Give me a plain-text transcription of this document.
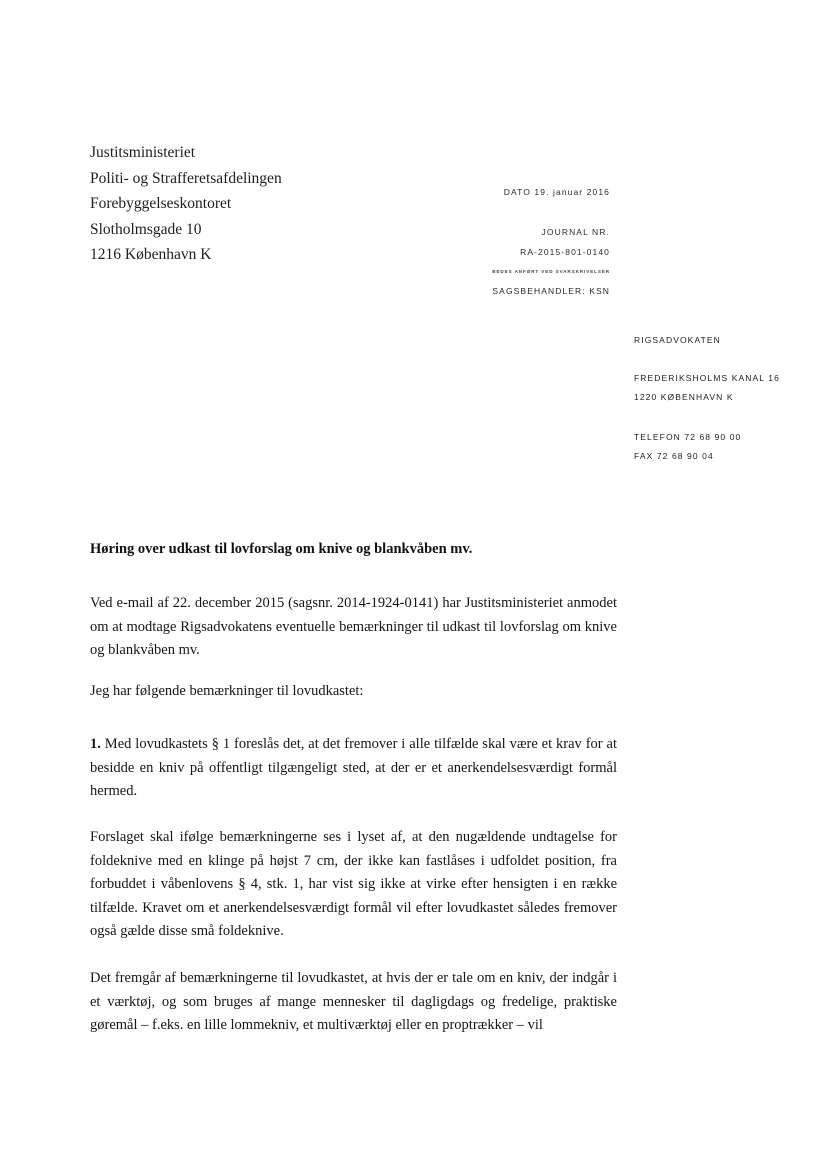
Justitsministeriet
Politi- og Strafferetsafdelingen
Forebyggelseskontoret
Slotholmsgade 10
1216 København K
DATO 19. januar 2016
JOURNAL NR.
RA-2015-801-0140
BEDES ANFØRT VED SVARSKRIVELSER
SAGSBEHANDLER: KSN
RIGSADVOKATEN
FREDERIKSHOLMS KANAL 16
1220 KØBENHAVN K
TELEFON 72 68 90 00
FAX 72 68 90 04
Høring over udkast til lovforslag om knive og blankvåben mv.
Ved e-mail af 22. december 2015 (sagsnr. 2014-1924-0141) har Justitsministeriet anmodet om at modtage Rigsadvokatens eventuelle bemærkninger til udkast til lovforslag om knive og blankvåben mv.
Jeg har følgende bemærkninger til lovudkastet:
1. Med lovudkastets § 1 foreslås det, at det fremover i alle tilfælde skal være et krav for at besidde en kniv på offentligt tilgængeligt sted, at der er et anerkendelsesværdigt formål hermed.
Forslaget skal ifølge bemærkningerne ses i lyset af, at den nugældende undtagelse for foldeknive med en klinge på højst 7 cm, der ikke kan fastlåses i udfoldet position, fra forbuddet i våbenlovens § 4, stk. 1, har vist sig ikke at virke efter hensigten i en række tilfælde. Kravet om et anerkendelsesværdigt formål vil efter lovudkastet således fremover også gælde disse små foldeknive.
Det fremgår af bemærkningerne til lovudkastet, at hvis der er tale om en kniv, der indgår i et værktøj, og som bruges af mange mennesker til dagligdags og fredelige, praktiske gøremål – f.eks. en lille lommekniv, et multiværktøj eller en proptrækker – vil
